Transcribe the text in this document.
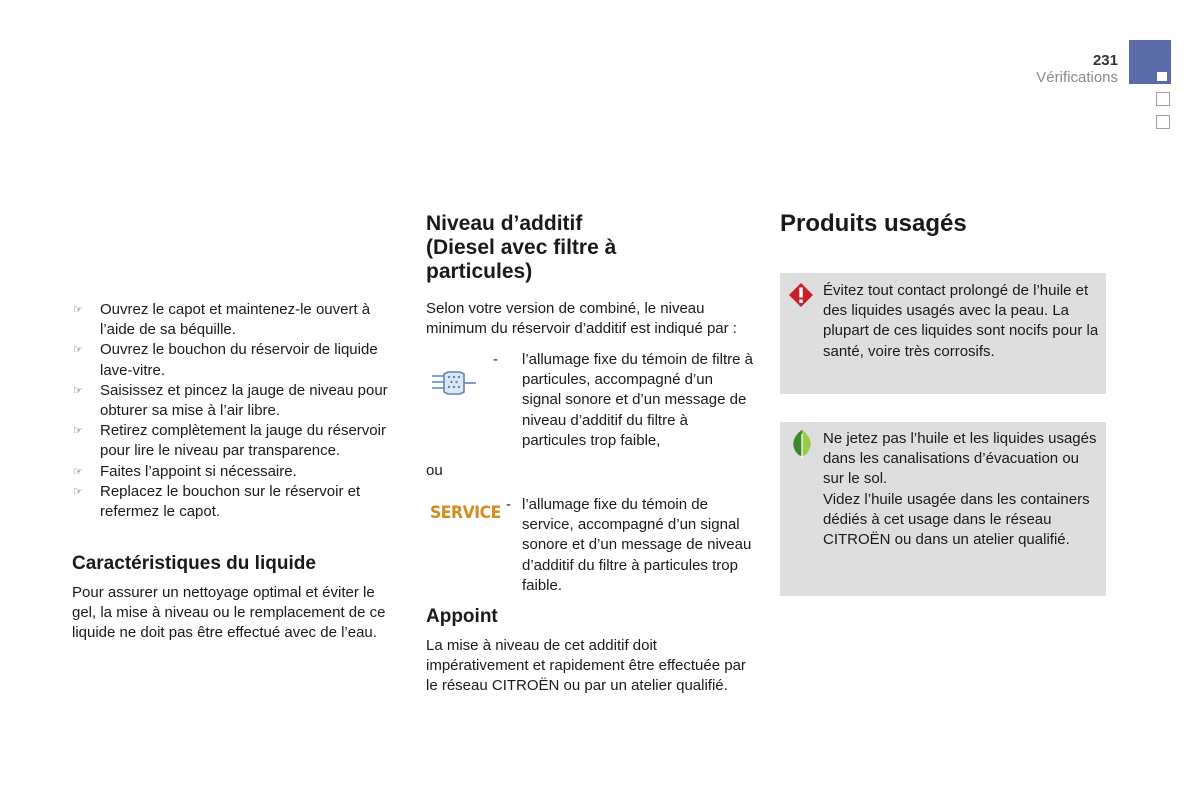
231
Vérifications
☞ Ouvrez le capot et maintenez-le ouvert à l’aide de sa béquille.
☞ Ouvrez le bouchon du réservoir de liquide lave-vitre.
☞ Saisissez et pincez la jauge de niveau pour obturer sa mise à l’air libre.
☞ Retirez complètement la jauge du réservoir pour lire le niveau par transparence.
☞ Faites l’appoint si nécessaire.
☞ Replacez le bouchon sur le réservoir et refermez le capot.
Caractéristiques du liquide
Pour assurer un nettoyage optimal et éviter le gel, la mise à niveau ou le remplacement de ce liquide ne doit pas être effectué avec de l’eau.
Niveau d’additif
(Diesel avec filtre à
particules)
Selon votre version de combiné, le niveau minimum du réservoir d’additif est indiqué par :
-	l’allumage fixe du témoin de filtre à particules, accompagné d’un signal sonore et d’un message de niveau d’additif du filtre à particules trop faible,
ou
SERVICE - l’allumage fixe du témoin de service, accompagné d’un signal sonore et d’un message de niveau d’additif du filtre à particules trop faible.
Appoint
La mise à niveau de cet additif doit impérativement et rapidement être effectuée par le réseau CITROËN ou par un atelier qualifié.
Produits usagés
Évitez tout contact prolongé de l’huile et des liquides usagés avec la peau. La plupart de ces liquides sont nocifs pour la santé, voire très corrosifs.
Ne jetez pas l’huile et les liquides usagés dans les canalisations d’évacuation ou sur le sol.
Videz l’huile usagée dans les containers dédiés à cet usage dans le réseau CITROËN ou dans un atelier qualifié.
